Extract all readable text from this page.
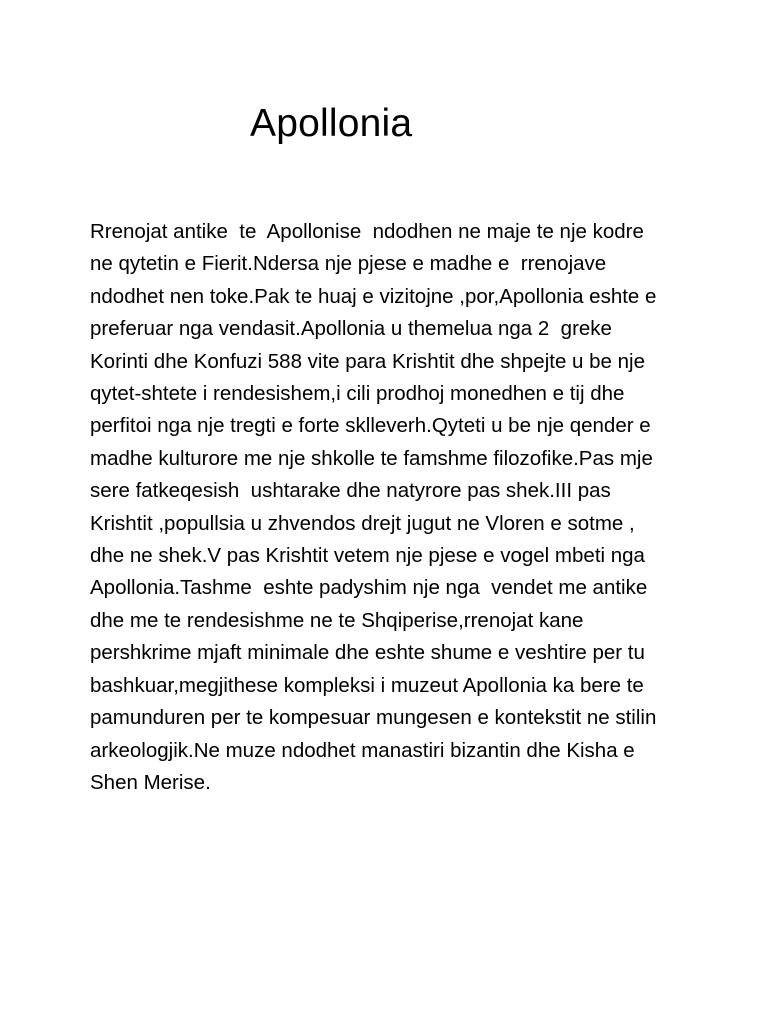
Apollonia
Rrenojat antike  te  Apollonise  ndodhen ne maje te nje kodre
ne qytetin e Fierit.Ndersa nje pjese e madhe e  rrenojave
ndodhet nen toke.Pak te huaj e vizitojne ,por,Apollonia eshte e
preferuar nga vendasit.Apollonia u themelua nga 2  greke
Korinti dhe Konfuzi 588 vite para Krishtit dhe shpejte u be nje
qytet-shtete i rendesishem,i cili prodhoj monedhen e tij dhe
perfitoi nga nje tregti e forte sklleverh.Qyteti u be nje qender e
madhe kulturore me nje shkolle te famshme filozofike.Pas mje
sere fatkeqesish  ushtarake dhe natyrore pas shek.III pas
Krishtit ,popullsia u zhvendos drejt jugut ne Vloren e sotme ,
dhe ne shek.V pas Krishtit vetem nje pjese e vogel mbeti nga
Apollonia.Tashme  eshte padyshim nje nga  vendet me antike
dhe me te rendesishme ne te Shqiperise,rrenojat kane
pershkrime mjaft minimale dhe eshte shume e veshtire per tu
bashkuar,megjithese kompleksi i muzeut Apollonia ka bere te
pamunduren per te kompesuar mungesen e kontekstit ne stilin
arkeologjik.Ne muze ndodhet manastiri bizantin dhe Kisha e
Shen Merise.
